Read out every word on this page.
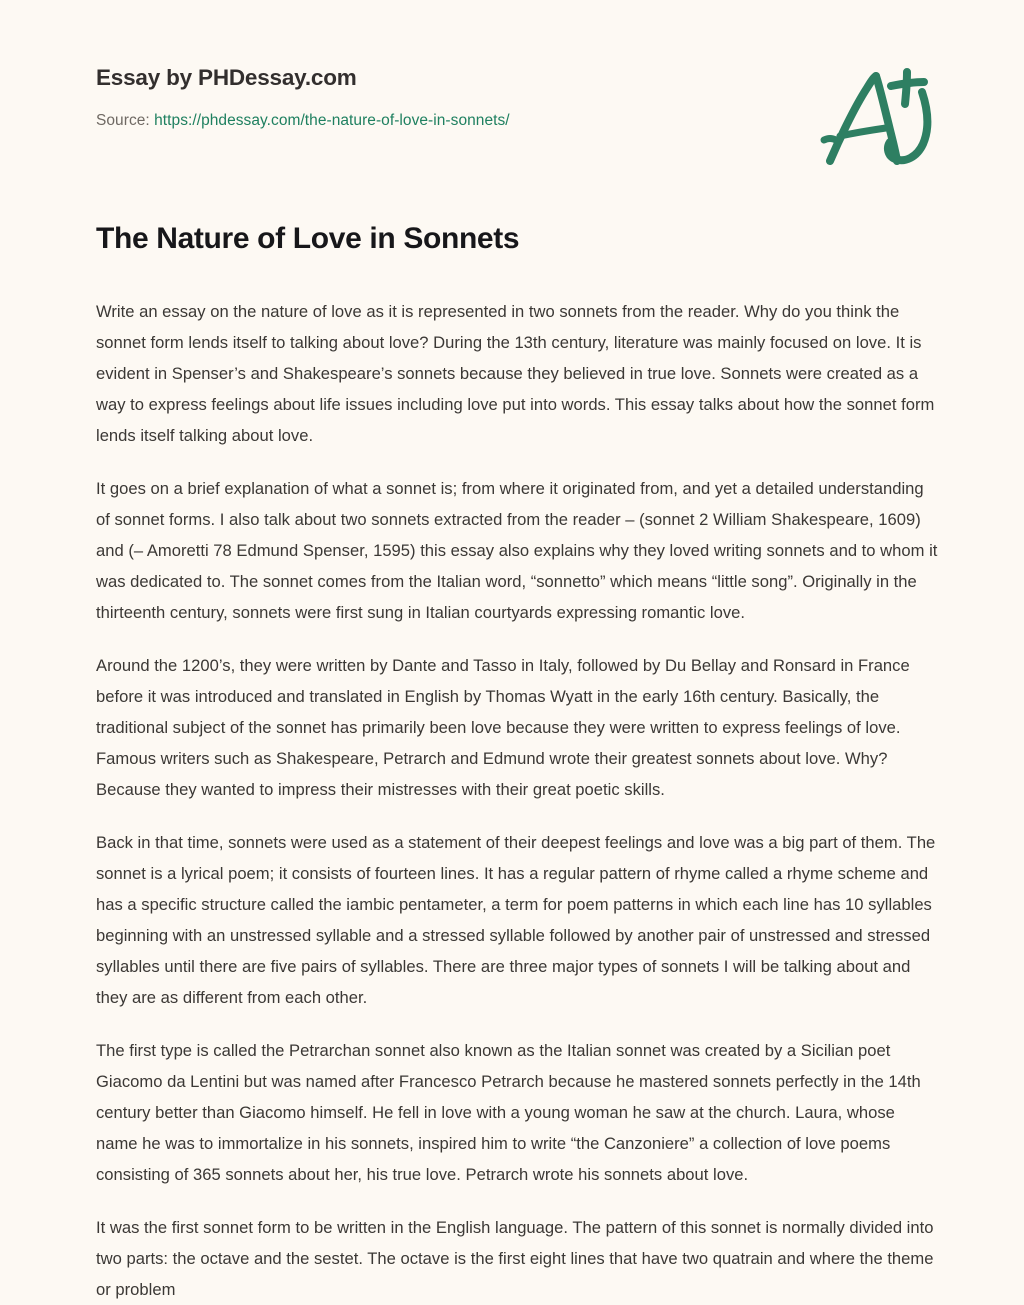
Essay by PHDessay.com
Source: https://phdessay.com/the-nature-of-love-in-sonnets/
The Nature of Love in Sonnets

Write an essay on the nature of love as it is represented in two sonnets from the reader. Why do you think the sonnet form lends itself to talking about love? During the 13th century, literature was mainly focused on love. It is evident in Spenser’s and Shakespeare’s sonnets because they believed in true love. Sonnets were created as a way to express feelings about life issues including love put into words. This essay talks about how the sonnet form lends itself talking about love.

It goes on a brief explanation of what a sonnet is; from where it originated from, and yet a detailed understanding of sonnet forms. I also talk about two sonnets extracted from the reader – (sonnet 2 William Shakespeare, 1609) and (– Amoretti 78 Edmund Spenser, 1595) this essay also explains why they loved writing sonnets and to whom it was dedicated to. The sonnet comes from the Italian word, “sonnetto” which means “little song”. Originally in the thirteenth century, sonnets were first sung in Italian courtyards expressing romantic love.

Around the 1200’s, they were written by Dante and Tasso in Italy, followed by Du Bellay and Ronsard in France before it was introduced and translated in English by Thomas Wyatt in the early 16th century. Basically, the traditional subject of the sonnet has primarily been love because they were written to express feelings of love. Famous writers such as Shakespeare, Petrarch and Edmund wrote their greatest sonnets about love. Why? Because they wanted to impress their mistresses with their great poetic skills.

Back in that time, sonnets were used as a statement of their deepest feelings and love was a big part of them. The sonnet is a lyrical poem; it consists of fourteen lines. It has a regular pattern of rhyme called a rhyme scheme and has a specific structure called the iambic pentameter, a term for poem patterns in which each line has 10 syllables beginning with an unstressed syllable and a stressed syllable followed by another pair of unstressed and stressed syllables until there are five pairs of syllables. There are three major types of sonnets I will be talking about and they are as different from each other.

The first type is called the Petrarchan sonnet also known as the Italian sonnet was created by a Sicilian poet Giacomo da Lentini but was named after Francesco Petrarch because he mastered sonnets perfectly in the 14th century better than Giacomo himself. He fell in love with a young woman he saw at the church. Laura, whose name he was to immortalize in his sonnets, inspired him to write “the Canzoniere” a collection of love poems consisting of 365 sonnets about her, his true love. Petrarch wrote his sonnets about love.

It was the first sonnet form to be written in the English language. The pattern of this sonnet is normally divided into two parts: the octave and the sestet. The octave is the first eight lines that have two quatrain and where the theme or problem
